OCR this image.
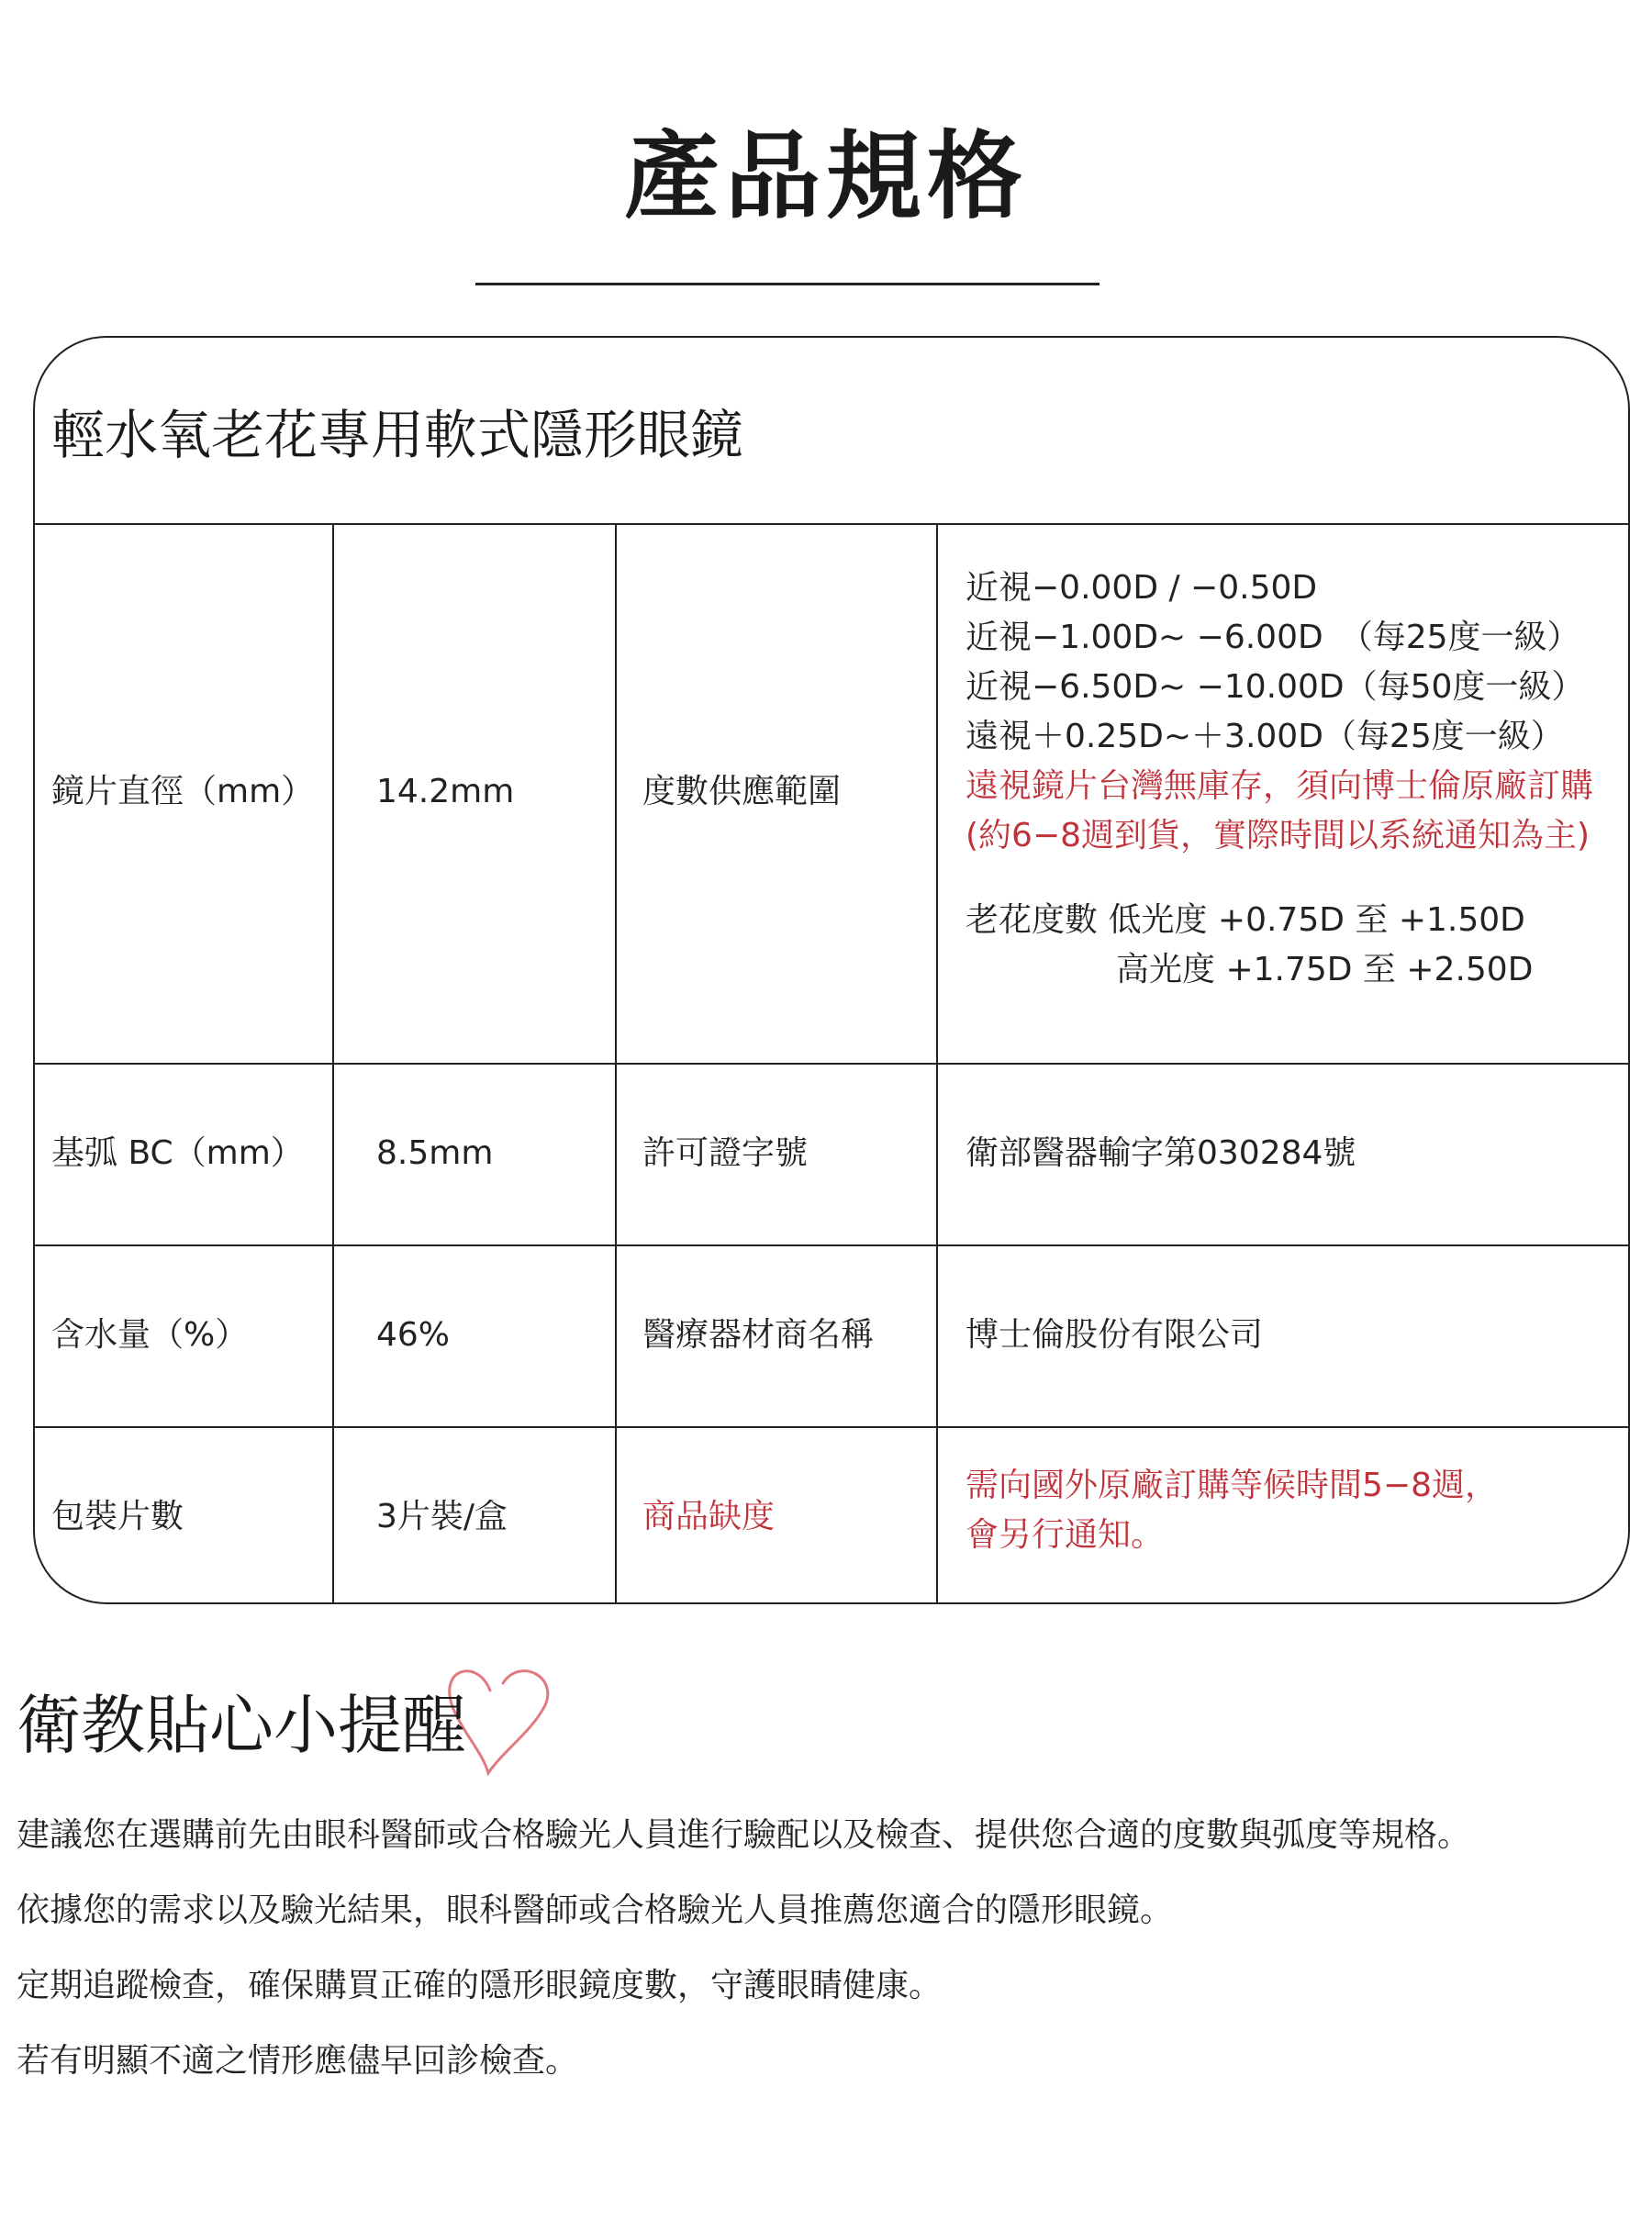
產品規格
輕水氧老花專用軟式隱形眼鏡
鏡片直徑（mm） 14.2mm	度數供應範圍
近視−0.00D / −0.50D
近視−1.00D~ −6.00D　（每25度一級）
近視−6.50D~ −10.00D（每50度一級）
遠視＋0.25D~＋3.00D（每25度一級）
遠視鏡片台灣無庫存，須向博士倫原廠訂購
(約6−8週到貨，實際時間以系統通知為主)
老花度數 低光度 +0.75D 至 +1.50D
高光度 +1.75D 至 +2.50D
基弧 BC（mm） 8.5mm	許可證字號	衛部醫器輸字第030284號
含水量（%）	46%	醫療器材商名稱	博士倫股份有限公司
包裝片數	3片裝/盒	商品缺度
需向國外原廠訂購等候時間5−8週，
會另行通知。
衛教貼心小提醒
建議您在選購前先由眼科醫師或合格驗光人員進行驗配以及檢查、提供您合適的度數與弧度等規格。
依據您的需求以及驗光結果，眼科醫師或合格驗光人員推薦您適合的隱形眼鏡。
定期追蹤檢查，確保購買正確的隱形眼鏡度數，守護眼睛健康。
若有明顯不適之情形應儘早回診檢查。
